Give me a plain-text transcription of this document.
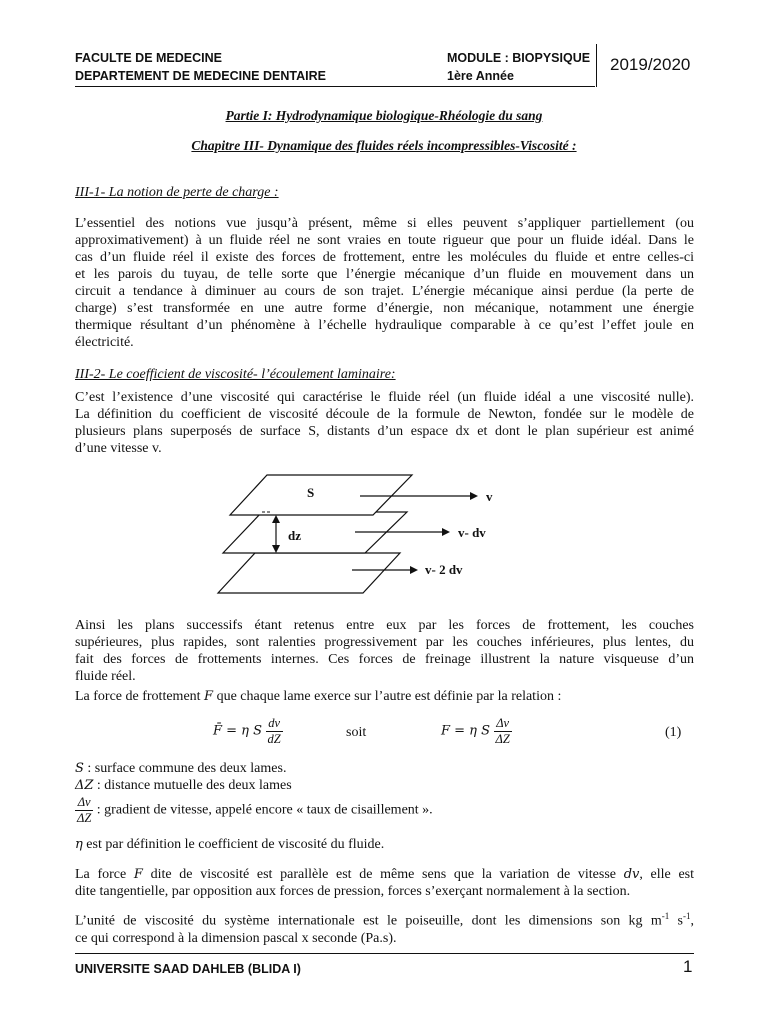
FACULTE DE MEDECINE
DEPARTEMENT DE MEDECINE DENTAIRE
MODULE : BIOPYSIQUE
1ère Année
2019/2020
Partie I: Hydrodynamique biologique-Rhéologie du sang
Chapitre III- Dynamique des fluides réels incompressibles-Viscosité :
III-1- La notion de perte de charge :
L’essentiel des notions vue jusqu’à présent, même si elles peuvent s’appliquer partiellement (ou
approximativement) à un fluide réel ne sont vraies en toute rigueur que pour un fluide idéal. Dans le
cas d’un fluide réel il existe des forces de frottement, entre les molécules du fluide et entre celles-ci
et les parois du tuyau, de telle sorte que l’énergie mécanique d’un fluide en mouvement dans un
circuit a tendance à diminuer au cours de son trajet. L’énergie mécanique ainsi perdue (la perte de
charge) s’est transformée en une autre forme d’énergie, non mécanique, notamment une énergie
thermique résultant d’un phénomène à l’échelle hydraulique comparable à ce qu’est l’effet joule en
électricité.
III-2- Le coefficient de viscosité- l’écoulement laminaire:
C’est l’existence d’une viscosité qui caractérise le fluide réel (un fluide idéal a une viscosité nulle).
La définition du coefficient de viscosité découle de la formule de Newton, fondée sur le modèle de
plusieurs plans superposés de surface S, distants d’un espace dx et dont le plan supérieur est animé
d’une vitesse v.
S
dz
v
v- dv
v- 2 dv
Ainsi les plans successifs étant retenus entre eux par les forces de frottement, les couches
supérieures, plus rapides, sont ralenties progressivement par les couches inférieures, plus lentes, du
fait des forces de frottements internes. Ces forces de freinage illustrent la nature visqueuse d’un
fluide réel.
La force de frottement F que chaque lame exerce sur l’autre est définie par la relation :
F̄ = η S $\frac{dv}{dZ}$	soit	F = η S $\frac{\Delta v}{\Delta Z}$	(1)
S : surface commune des deux lames.
ΔZ : distance mutuelle des deux lames
$\frac{\Delta v}{\Delta Z}$ : gradient de vitesse, appelé encore « taux de cisaillement ».
η est par définition le coefficient de viscosité du fluide.
La force F dite de viscosité est parallèle est de même sens que la variation de vitesse dv, elle est
dite tangentielle, par opposition aux forces de pression, forces s’exerçant normalement à la section.
L’unité de viscosité du système internationale est le poiseuille, dont les dimensions son kg $m^{-1}$ $s^{-1}$,
ce qui correspond à la dimension pascal x seconde (Pa.s).
UNIVERSITE SAAD DAHLEB (BLIDA I)	1
